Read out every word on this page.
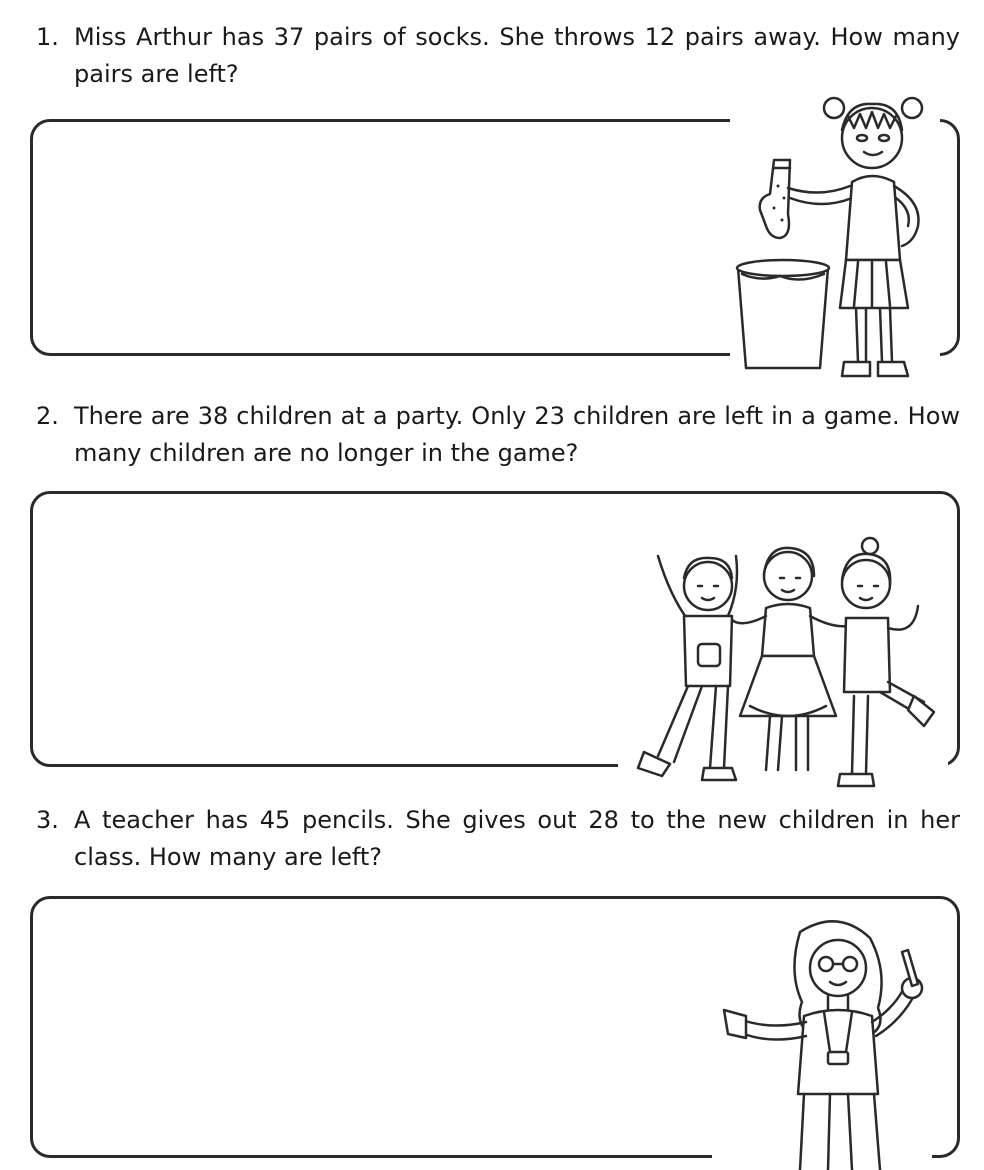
1. Miss Arthur has 37 pairs of socks. She throws 12 pairs away. How many pairs are left?
2. There are 38 children at a party. Only 23 children are left in a game. How many children are no longer in the game?
3. A teacher has 45 pencils. She gives out 28 to the new children in her class. How many are left?
